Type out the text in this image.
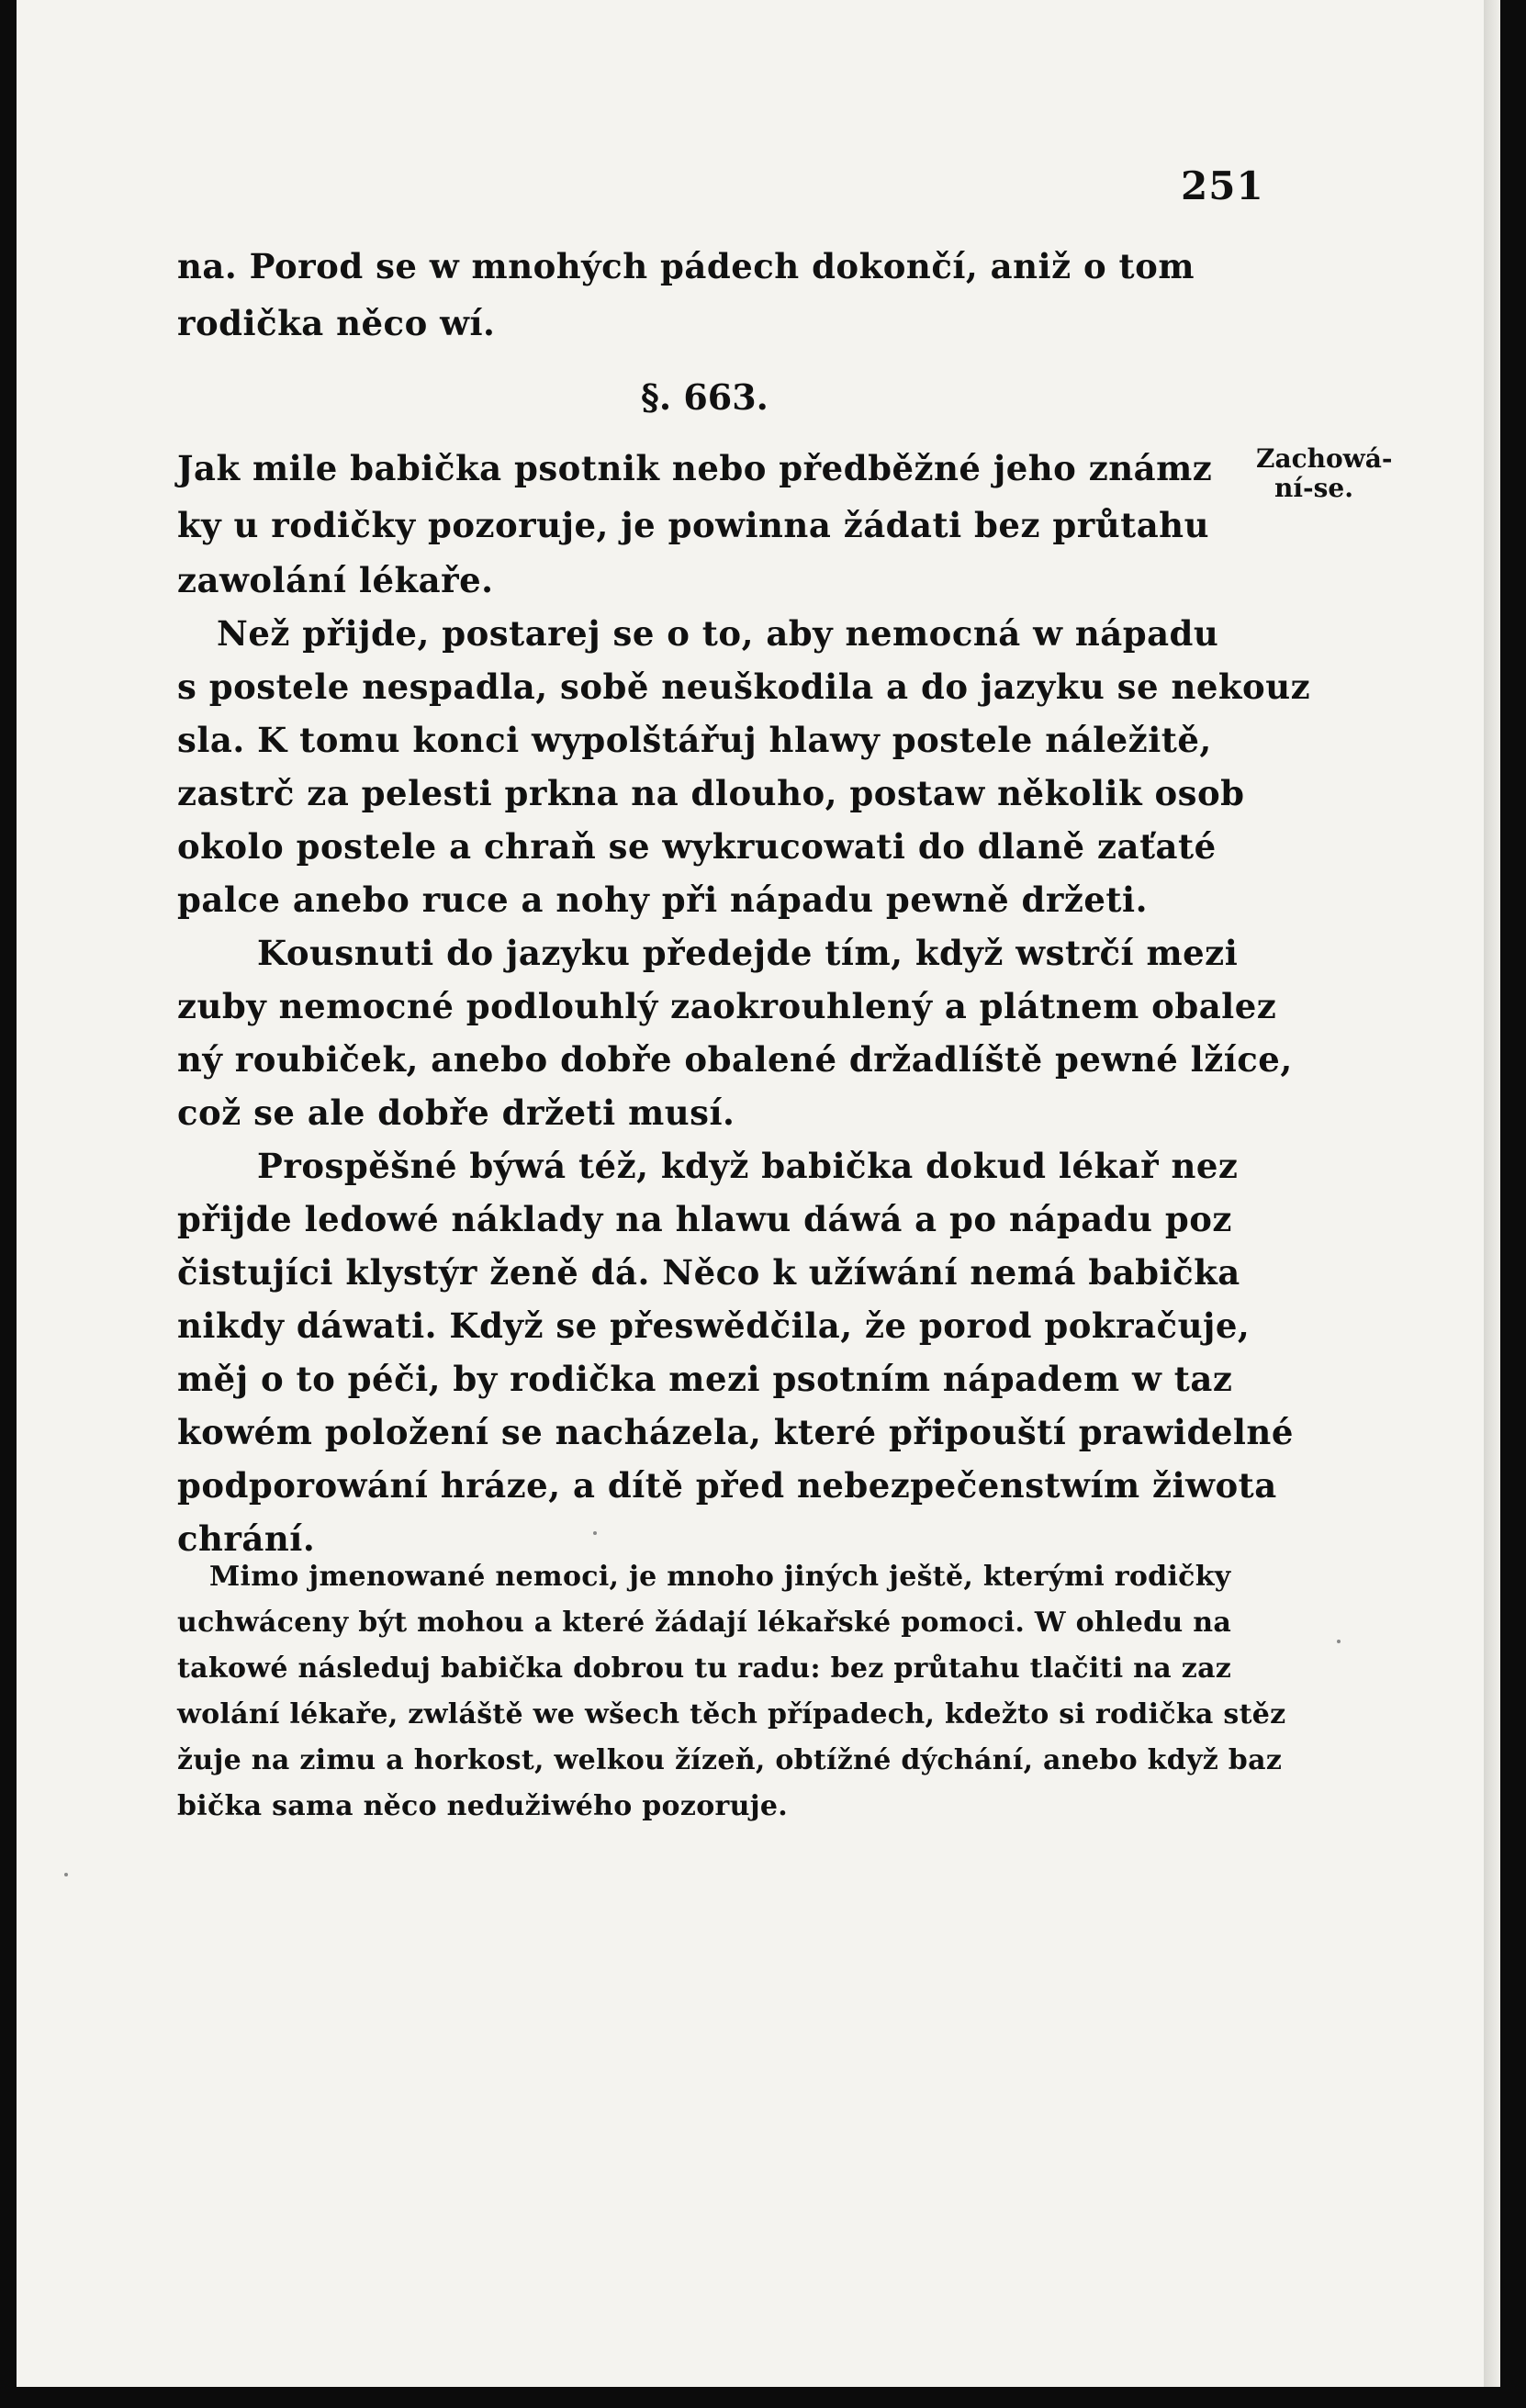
251
na. Porod se w mnohých pádech dokončí, aniž o tom
rodička něco wí.
§. 663.
Jak mile babička psotnik nebo předběžné jeho známz Zachowá-
ní-se.
ky u rodičky pozoruje, je powinna žádati bez průtahu
zawolání lékaře.
Než přijde, postarej se o to, aby nemocná w nápadu
s postele nespadla, sobě neuškodila a do jazyku se nekouz
sla. K tomu konci wypolštářuj hlawy postele náležitě,
zastrč za pelesti prkna na dlouho, postaw několik osob
okolo postele a chraň se wykrucowati do dlaně zaťaté
palce anebo ruce a nohy při nápadu pewně držeti.
Kousnuti do jazyku předejde tím, když wstrčí mezi
zuby nemocné podlouhlý zaokrouhlený a plátnem obalez
ný roubiček, anebo dobře obalené držadlíště pewné lžíce,
což se ale dobře držeti musí.
Prospěšné býwá též, když babička dokud lékař nez
přijde ledowé náklady na hlawu dáwá a po nápadu poz
čistujíci klystýr ženě dá. Něco k užíwání nemá babička
nikdy dáwati. Když se přeswědčila, že porod pokračuje,
měj o to péči, by rodička mezi psotním nápadem w taz
kowém položení se nacházela, které připouští prawidelné
podporowání hráze, a dítě před nebezpečenstwím žiwota
chrání.
Mimo jmenowané nemoci, je mnoho jiných ještě, kterými rodičky
uchwáceny být mohou a které žádají lékařské pomoci. W ohledu na
takowé následuj babička dobrou tu radu: bez průtahu tlačiti na zaz
wolání lékaře, zwláště we wšech těch případech, kdežto si rodička stěz
žuje na zimu a horkost, welkou žízeň, obtížné dýchání, anebo když baz
bička sama něco nedužiwého pozoruje.
